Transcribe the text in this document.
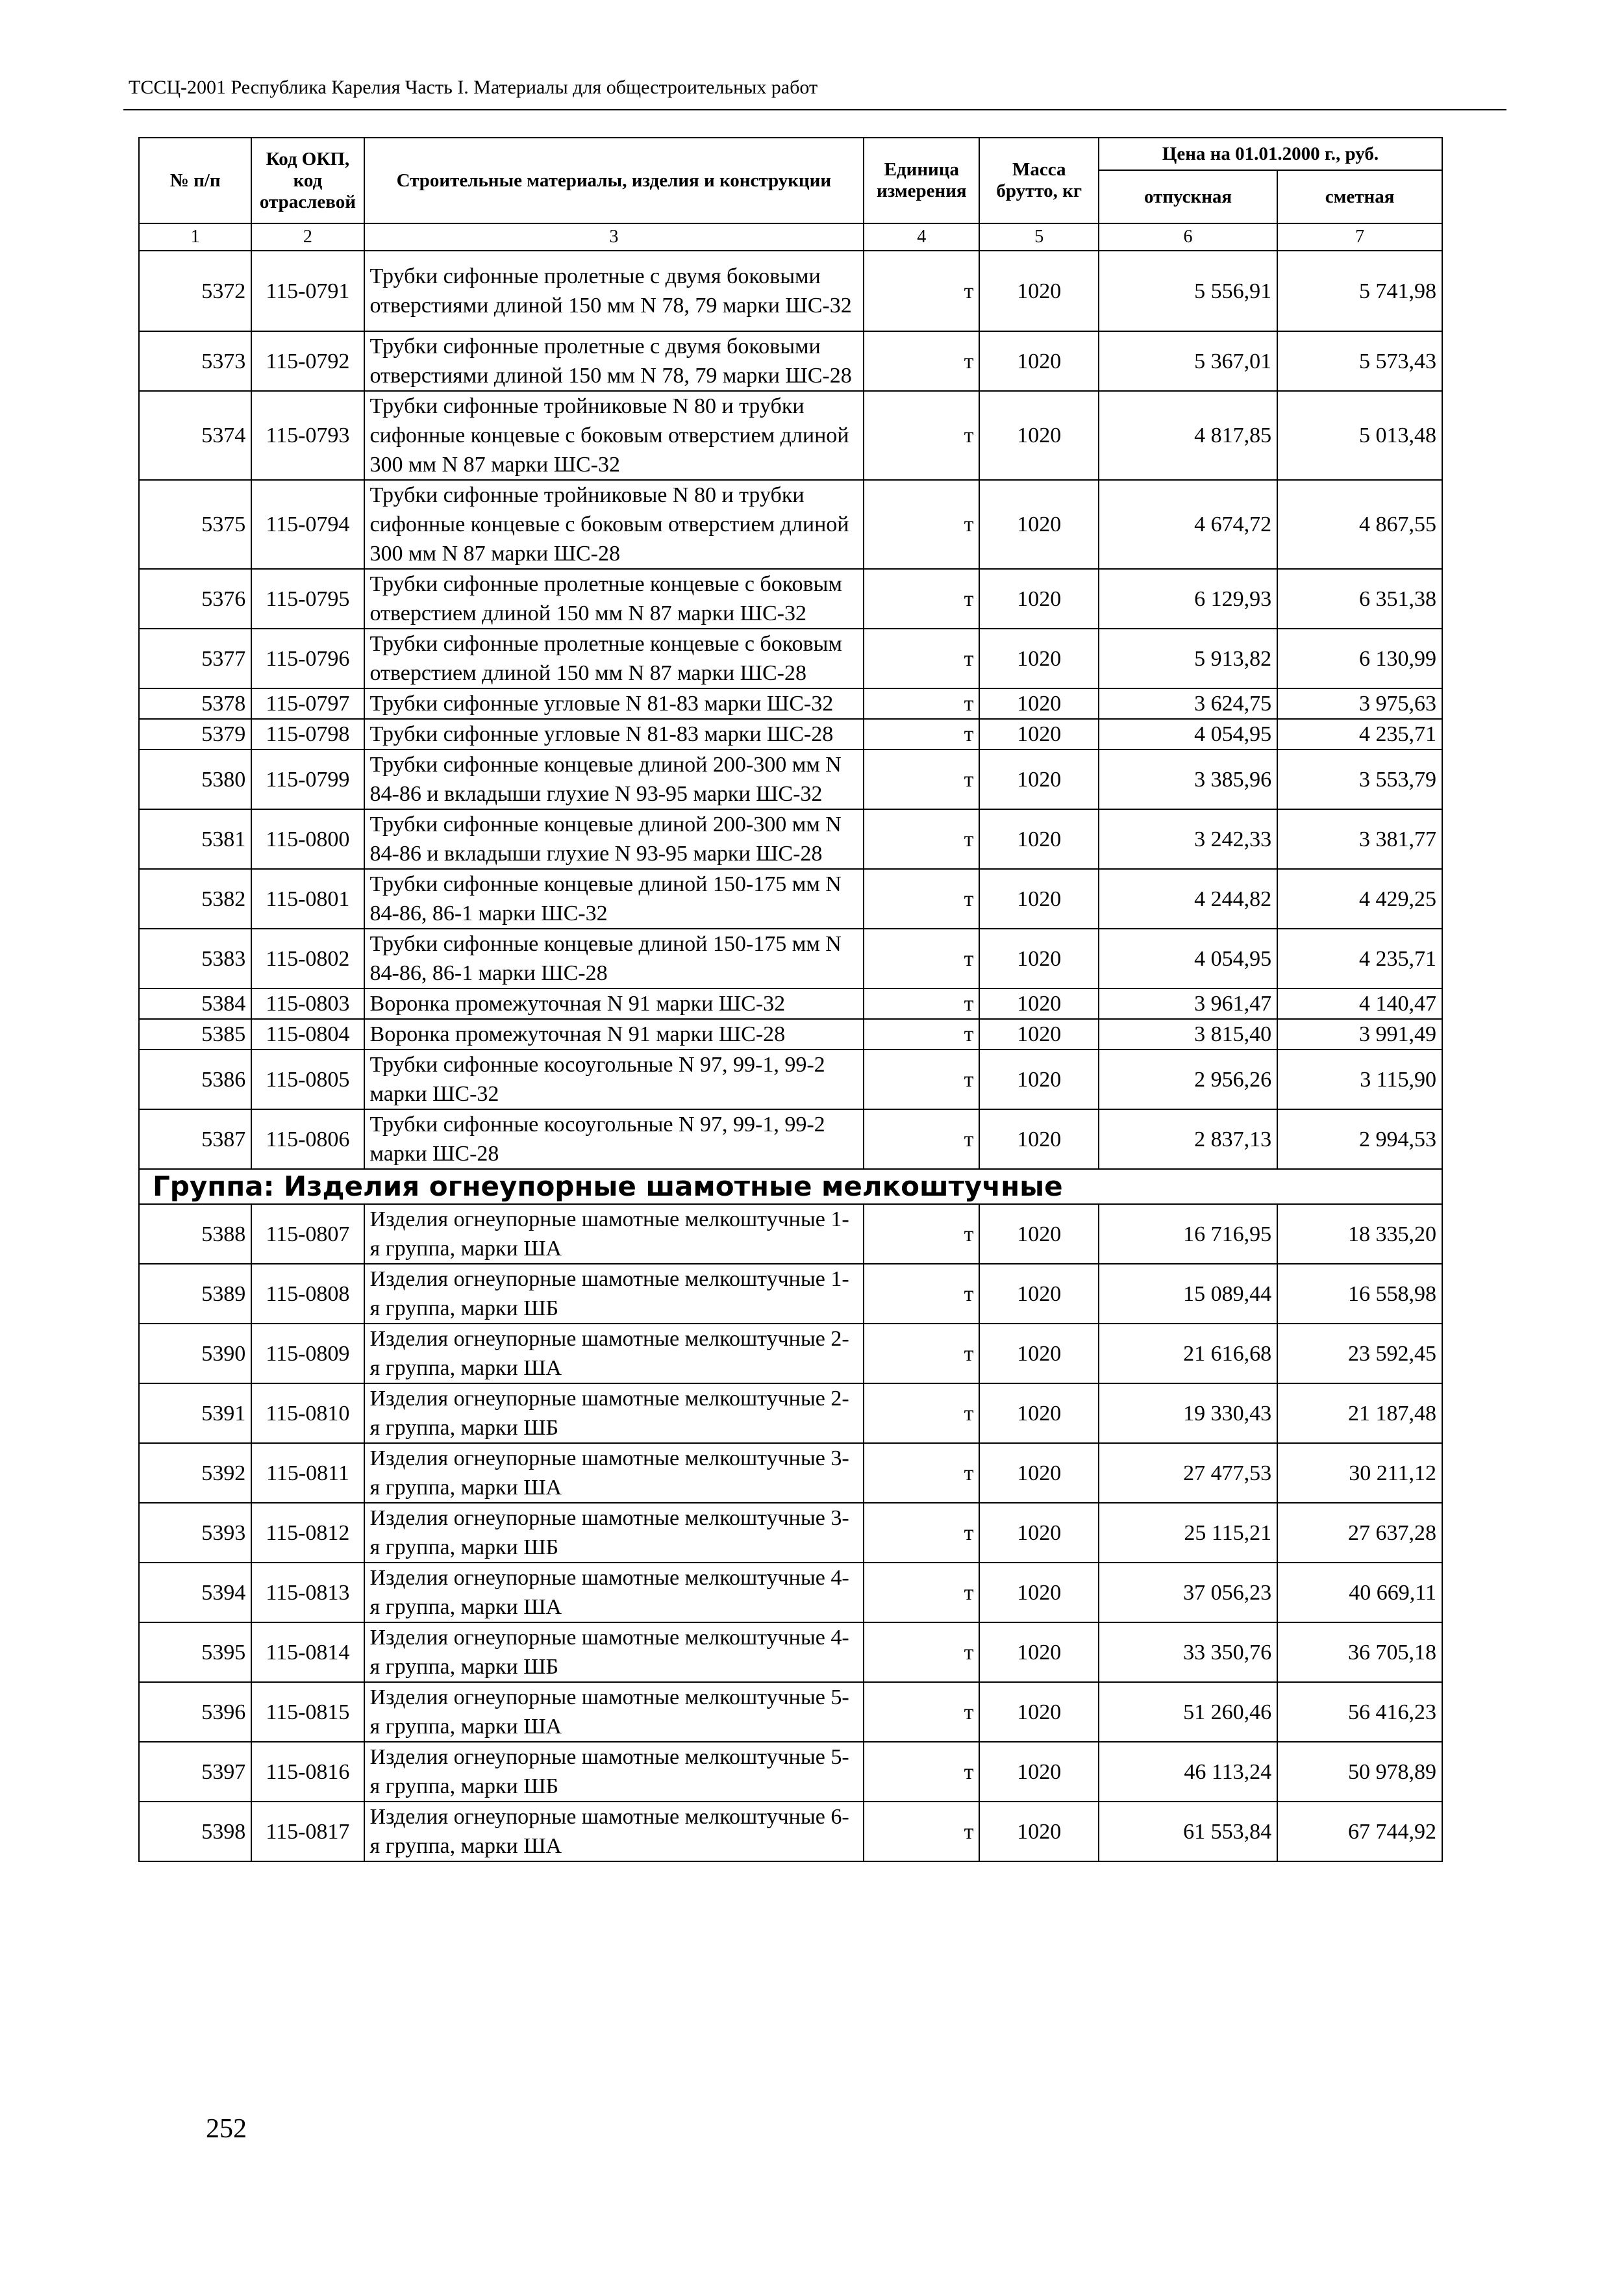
ТССЦ-2001 Республика Карелия Часть I. Материалы для общестроительных работ
№ п/п	Код ОКП, код отраслевой	Строительные материалы, изделия и конструкции	Единица измерения	Масса брутто, кг	Цена на 01.01.2000 г., руб.	
					отпускная	сметная
1	2	3	4	5	6	7
5372	115-0791	Трубки сифонные пролетные с двумя боковыми отверстиями длиной 150 мм N 78, 79 марки ШС-32	т	1020	5 556,91	5 741,98
5373	115-0792	Трубки сифонные пролетные с двумя боковыми отверстиями длиной 150 мм N 78, 79 марки ШС-28	т	1020	5 367,01	5 573,43
5374	115-0793	Трубки сифонные тройниковые N 80 и трубки сифонные концевые с боковым отверстием длиной 300 мм N 87 марки ШС-32	т	1020	4 817,85	5 013,48
5375	115-0794	Трубки сифонные тройниковые N 80 и трубки сифонные концевые с боковым отверстием длиной 300 мм N 87 марки ШС-28	т	1020	4 674,72	4 867,55
5376	115-0795	Трубки сифонные пролетные концевые с боковым отверстием длиной 150 мм N 87 марки ШС-32	т	1020	6 129,93	6 351,38
5377	115-0796	Трубки сифонные пролетные концевые с боковым отверстием длиной 150 мм N 87 марки ШС-28	т	1020	5 913,82	6 130,99
5378	115-0797	Трубки сифонные угловые N 81-83 марки ШС-32	т	1020	3 624,75	3 975,63
5379	115-0798	Трубки сифонные угловые N 81-83 марки ШС-28	т	1020	4 054,95	4 235,71
5380	115-0799	Трубки сифонные концевые длиной 200-300 мм N 84-86 и вкладыши глухие N 93-95 марки ШС-32	т	1020	3 385,96	3 553,79
5381	115-0800	Трубки сифонные концевые длиной 200-300 мм N 84-86 и вкладыши глухие N 93-95 марки ШС-28	т	1020	3 242,33	3 381,77
5382	115-0801	Трубки сифонные концевые длиной 150-175 мм N 84-86, 86-1 марки ШС-32	т	1020	4 244,82	4 429,25
5383	115-0802	Трубки сифонные концевые длиной 150-175 мм N 84-86, 86-1 марки ШС-28	т	1020	4 054,95	4 235,71
5384	115-0803	Воронка промежуточная N 91 марки ШС-32	т	1020	3 961,47	4 140,47
5385	115-0804	Воронка промежуточная N 91 марки ШС-28	т	1020	3 815,40	3 991,49
5386	115-0805	Трубки сифонные косоугольные N 97, 99-1, 99-2 марки ШС-32	т	1020	2 956,26	3 115,90
5387	115-0806	Трубки сифонные косоугольные N 97, 99-1, 99-2 марки ШС-28	т	1020	2 837,13	2 994,53
Группа: Изделия огнеупорные шамотные мелкоштучные						
5388	115-0807	Изделия огнеупорные шамотные мелкоштучные 1-я группа, марки ША	т	1020	16 716,95	18 335,20
5389	115-0808	Изделия огнеупорные шамотные мелкоштучные 1-я группа, марки ШБ	т	1020	15 089,44	16 558,98
5390	115-0809	Изделия огнеупорные шамотные мелкоштучные 2-я группа, марки ША	т	1020	21 616,68	23 592,45
5391	115-0810	Изделия огнеупорные шамотные мелкоштучные 2-я группа, марки ШБ	т	1020	19 330,43	21 187,48
5392	115-0811	Изделия огнеупорные шамотные мелкоштучные 3-я группа, марки ША	т	1020	27 477,53	30 211,12
5393	115-0812	Изделия огнеупорные шамотные мелкоштучные 3-я группа, марки ШБ	т	1020	25 115,21	27 637,28
5394	115-0813	Изделия огнеупорные шамотные мелкоштучные 4-я группа, марки ША	т	1020	37 056,23	40 669,11
5395	115-0814	Изделия огнеупорные шамотные мелкоштучные 4-я группа, марки ШБ	т	1020	33 350,76	36 705,18
5396	115-0815	Изделия огнеупорные шамотные мелкоштучные 5-я группа, марки ША	т	1020	51 260,46	56 416,23
5397	115-0816	Изделия огнеупорные шамотные мелкоштучные 5-я группа, марки ШБ	т	1020	46 113,24	50 978,89
5398	115-0817	Изделия огнеупорные шамотные мелкоштучные 6-я группа, марки ША	т	1020	61 553,84	67 744,92
252
